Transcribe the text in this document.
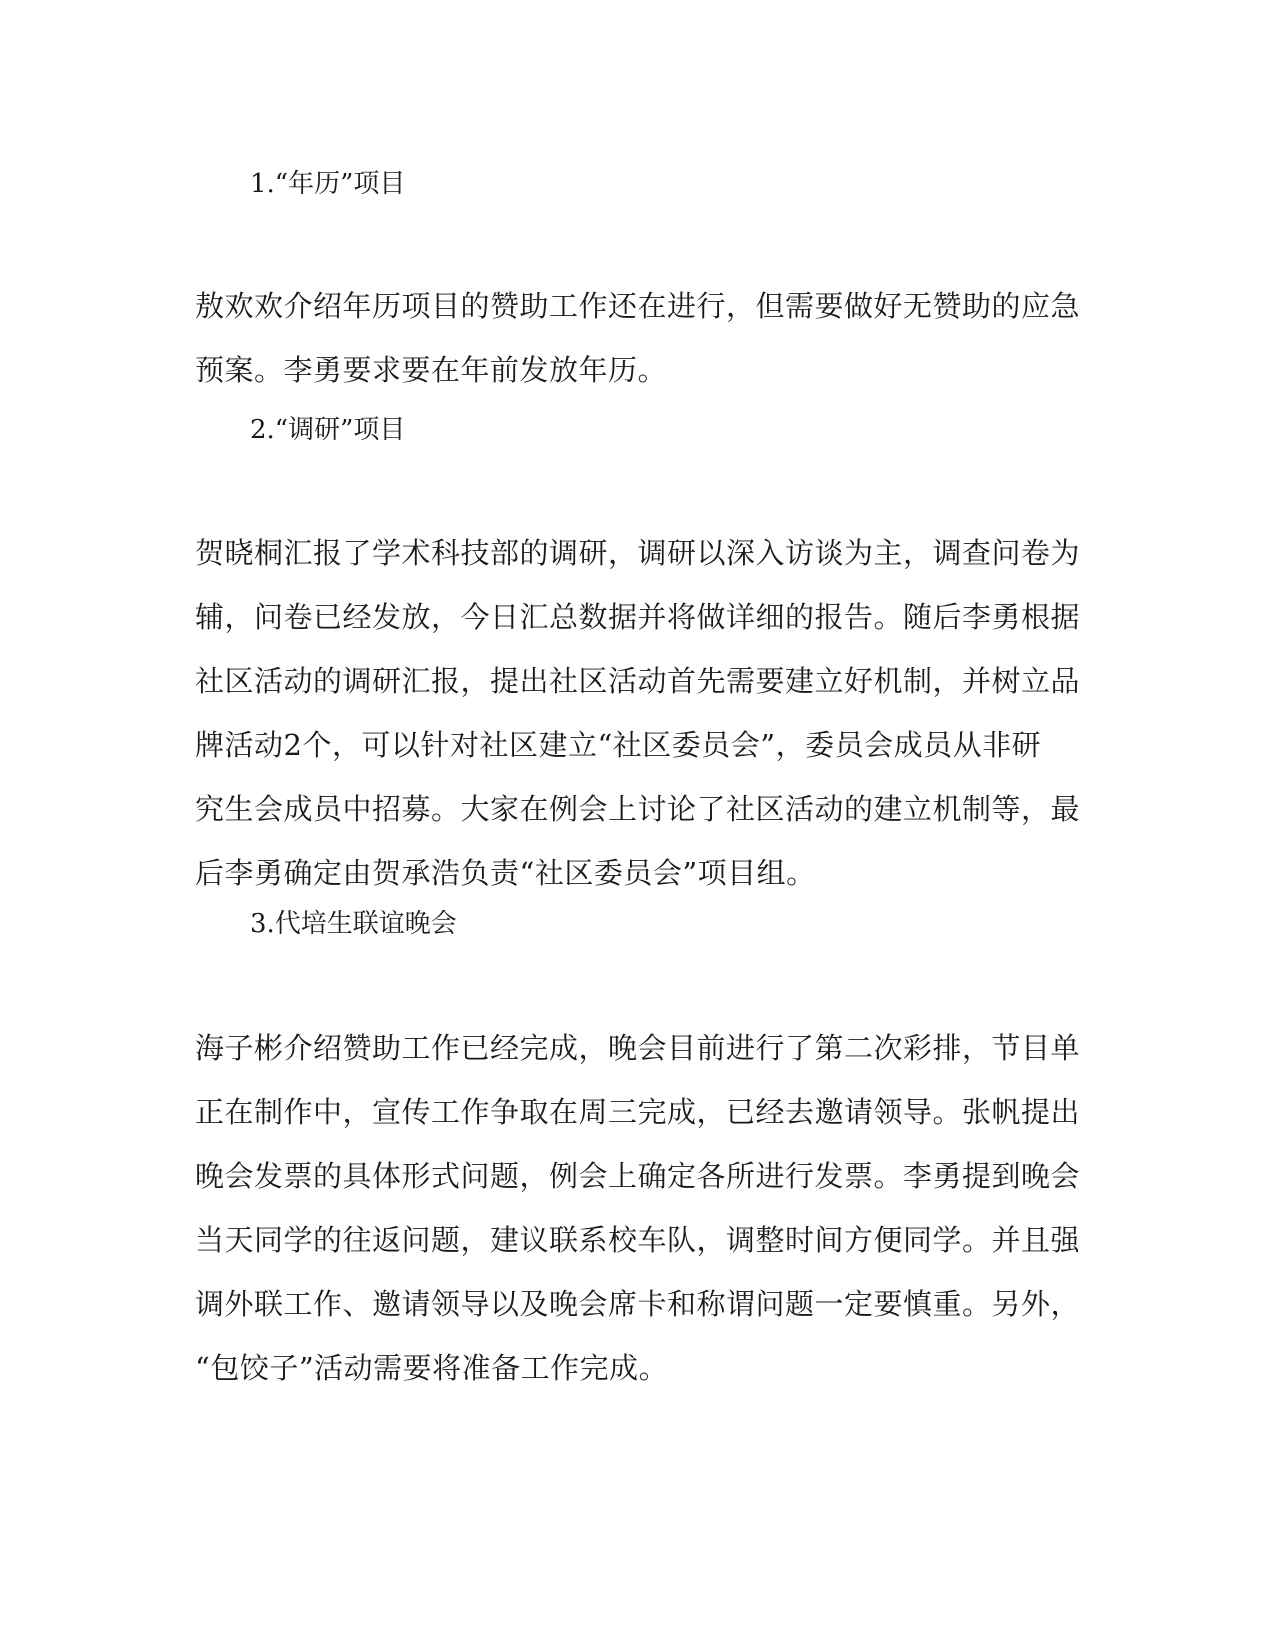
1.“年历”项目
敖欢欢介绍年历项目的赞助工作还在进行，但需要做好无赞助的应急
预案。李勇要求要在年前发放年历。
2.“调研”项目
贺晓桐汇报了学术科技部的调研，调研以深入访谈为主，调查问卷为
辅，问卷已经发放，今日汇总数据并将做详细的报告。随后李勇根据
社区活动的调研汇报，提出社区活动首先需要建立好机制，并树立品
牌活动2个，可以针对社区建立“社区委员会”，委员会成员从非研
究生会成员中招募。大家在例会上讨论了社区活动的建立机制等，最
后李勇确定由贺承浩负责“社区委员会”项目组。
3.代培生联谊晚会
海子彬介绍赞助工作已经完成，晚会目前进行了第二次彩排，节目单
正在制作中，宣传工作争取在周三完成，已经去邀请领导。张帆提出
晚会发票的具体形式问题，例会上确定各所进行发票。李勇提到晚会
当天同学的往返问题，建议联系校车队，调整时间方便同学。并且强
调外联工作、邀请领导以及晚会席卡和称谓问题一定要慎重。另外，
“包饺子”活动需要将准备工作完成。
